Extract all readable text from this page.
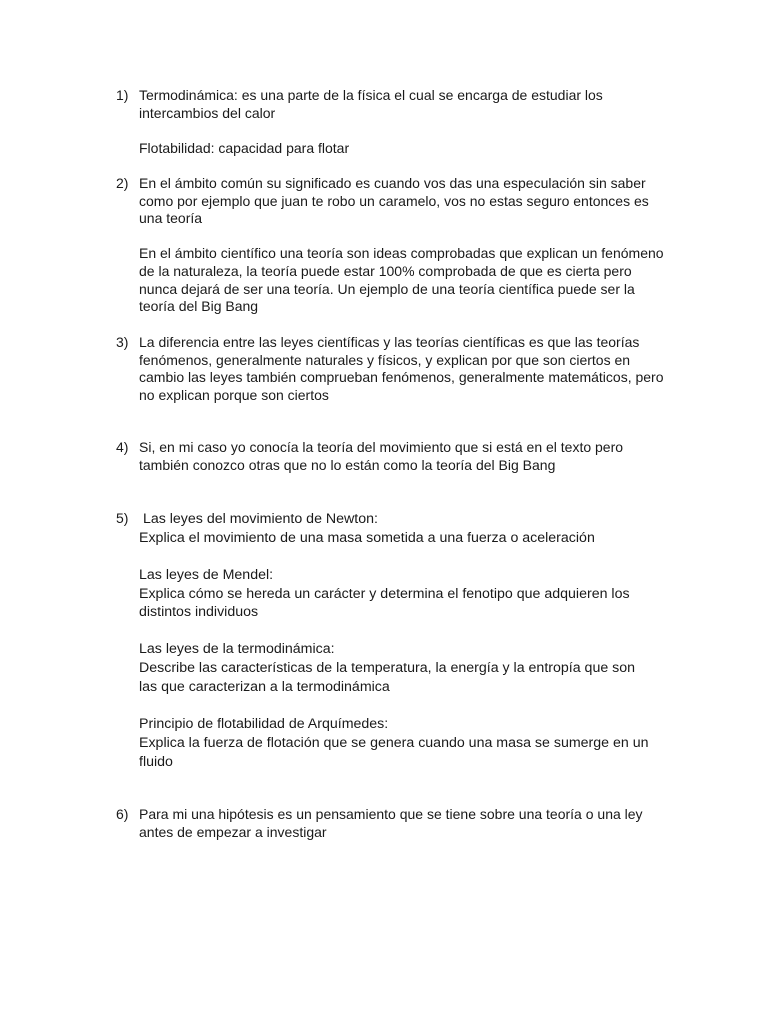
1) Termodinámica: es una parte de la física el cual se encarga de estudiar los
intercambios del calor

Flotabilidad: capacidad para flotar

2) En el ámbito común su significado es cuando vos das una especulación sin saber
como por ejemplo que juan te robo un caramelo, vos no estas seguro entonces es
una teoría

En el ámbito científico una teoría son ideas comprobadas que explican un fenómeno
de la naturaleza, la teoría puede estar 100% comprobada de que es cierta pero
nunca dejará de ser una teoría. Un ejemplo de una teoría científica puede ser la
teoría del Big Bang

3) La diferencia entre las leyes científicas y las teorías científicas es que las teorías
fenómenos, generalmente naturales y físicos, y explican por que son ciertos en
cambio las leyes también comprueban fenómenos, generalmente matemáticos, pero
no explican porque son ciertos

4) Si, en mi caso yo conocía la teoría del movimiento que si está en el texto pero
también conozco otras que no lo están como la teoría del Big Bang

5) Las leyes del movimiento de Newton:
Explica el movimiento de una masa sometida a una fuerza o aceleración

Las leyes de Mendel:
Explica cómo se hereda un carácter y determina el fenotipo que adquieren los
distintos individuos

Las leyes de la termodinámica:
Describe las características de la temperatura, la energía y la entropía que son
las que caracterizan a la termodinámica

Principio de flotabilidad de Arquímedes:
Explica la fuerza de flotación que se genera cuando una masa se sumerge en un
fluido

6) Para mi una hipótesis es un pensamiento que se tiene sobre una teoría o una ley
antes de empezar a investigar
